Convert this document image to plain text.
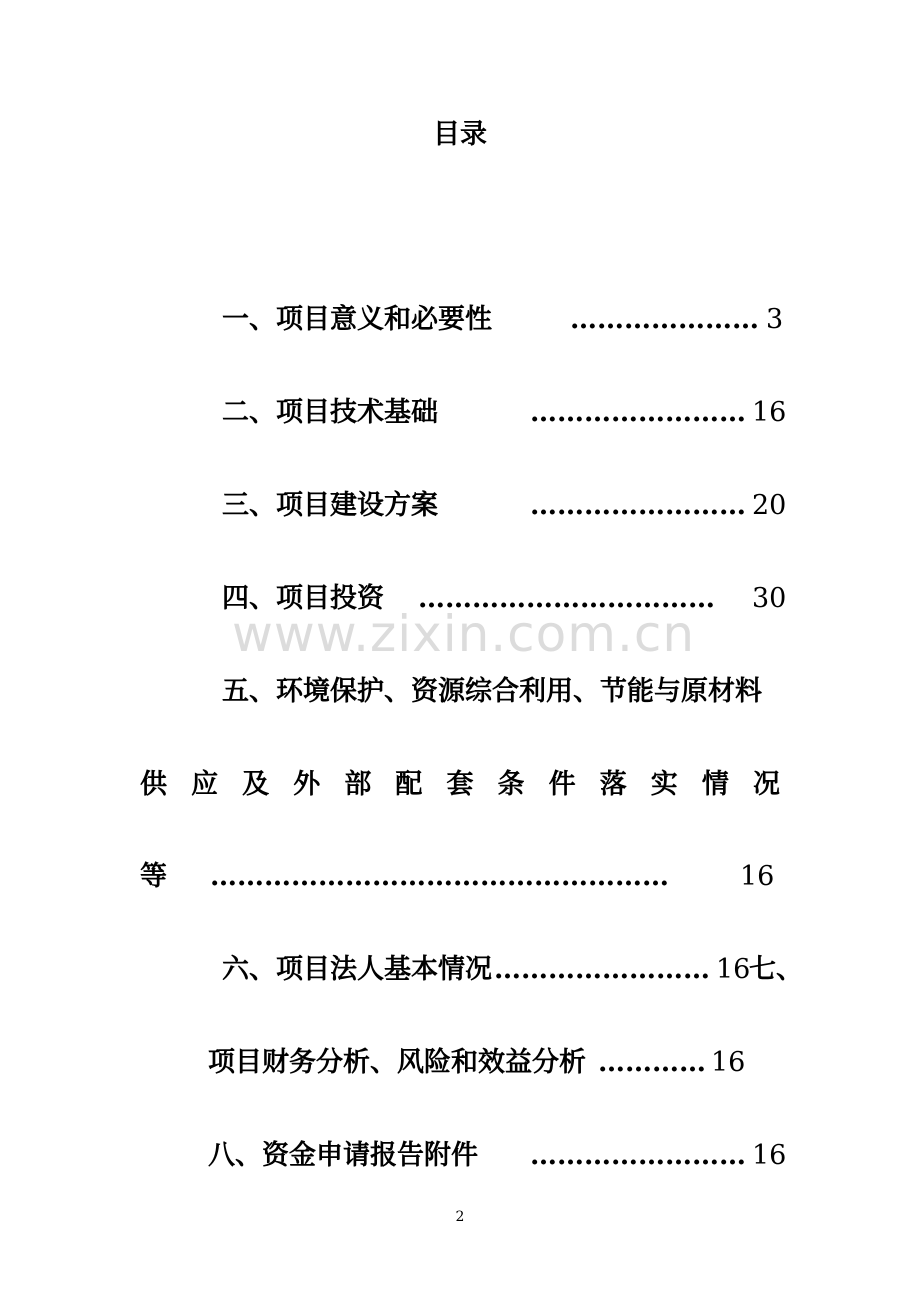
目录
一、项目意义和必要性	………………… 3
二、项目技术基础	…………………… 16
三、项目建设方案	…………………… 20
四、项目投资 ……………………………	30
www.zixin.com.cn
五、环境保护、资源综合利用、节能与原材料
供 应 及 外 部 配 套 条 件 落 实 情 况
等 ……………………………………………	16
六、项目法人基本情况 …………………… 16
七、
项目财务分析、风险和效益分析 ………… 16
八、资金申请报告附件 …………………… 16
2
